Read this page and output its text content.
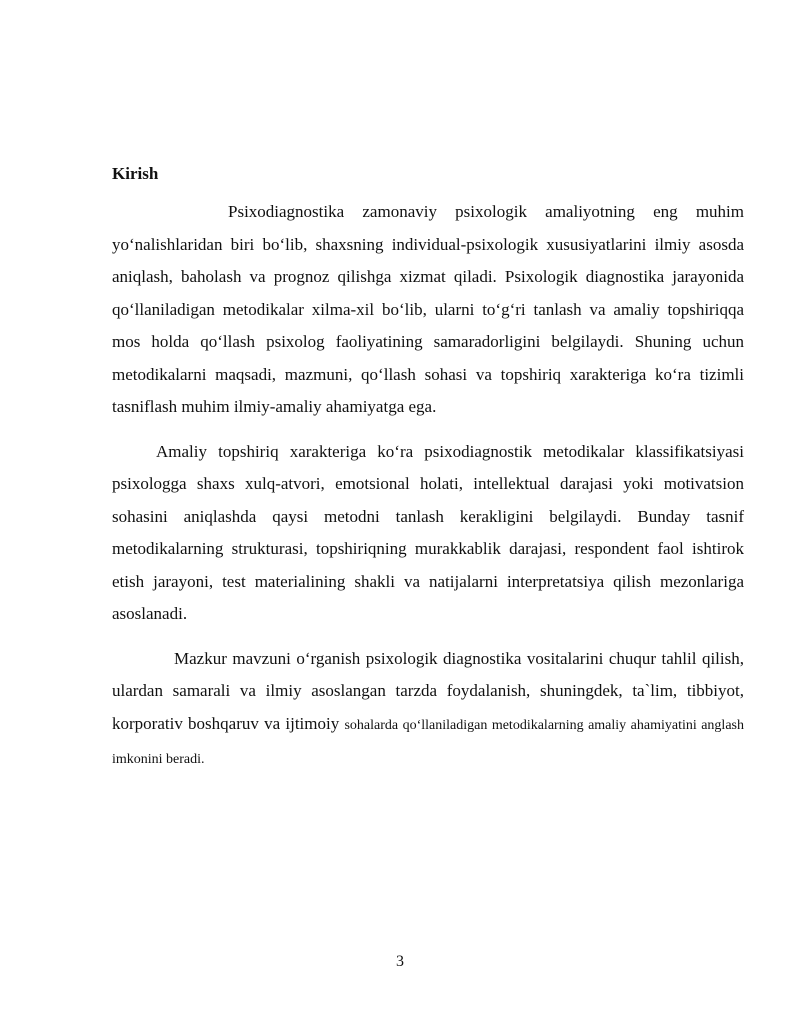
Kirish

Psixodiagnostika zamonaviy psixologik amaliyotning eng muhim yo‘nalishlaridan biri bo‘lib, shaxsning individual-psixologik xususiyatlarini ilmiy asosda aniqlash, baholash va prognoz qilishga xizmat qiladi. Psixologik diagnostika jarayonida qo‘llaniladigan metodikalar xilma-xil bo‘lib, ularni to‘g‘ri tanlash va amaliy topshiriqqa mos holda qo‘llash psixolog faoliyatining samaradorligini belgilaydi. Shuning uchun metodikalarni maqsadi, mazmuni, qo‘llash sohasi va topshiriq xarakteriga ko‘ra tizimli tasniflash muhim ilmiy-amaliy ahamiyatga ega.

Amaliy topshiriq xarakteriga ko‘ra psixodiagnostik metodikalar klassifikatsiyasi psixologga shaxs xulq-atvori, emotsional holati, intellektual darajasi yoki motivatsion sohasini aniqlashda qaysi metodni tanlash kerakligini belgilaydi. Bunday tasnif metodikalarning strukturasi, topshiriqning murakkablik darajasi, respondent faol ishtirok etish jarayoni, test materialining shakli va natijalarni interpretatsiya qilish mezonlariga asoslanadi.

Mazkur mavzuni o‘rganish psixologik diagnostika vositalarini chuqur tahlil qilish, ulardan samarali va ilmiy asoslangan tarzda foydalanish, shuningdek, ta`lim, tibbiyot, korporativ boshqaruv va ijtimoiy sohalarda qo‘llaniladigan metodikalarning amaliy ahamiyatini anglash imkonini beradi.

3
